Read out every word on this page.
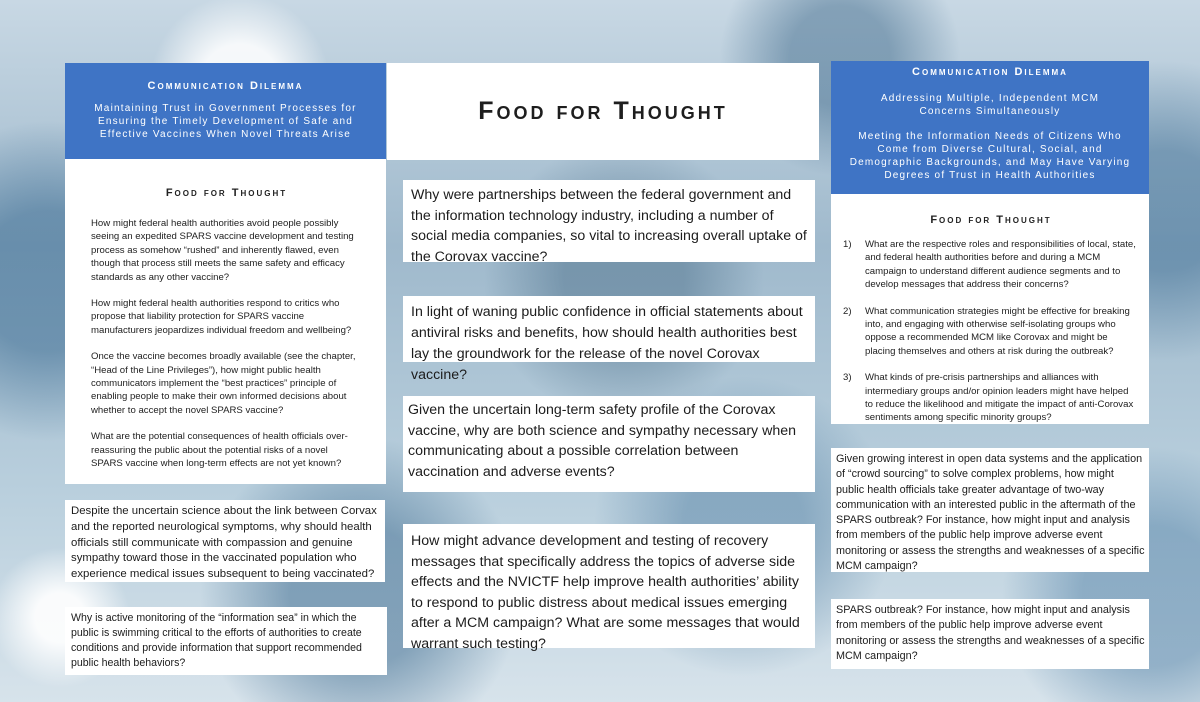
Communication Dilemma
Maintaining Trust in Government Processes for Ensuring the Timely Development of Safe and Effective Vaccines When Novel Threats Arise
Food for Thought

How might federal health authorities avoid people possibly seeing an expedited SPARS vaccine development and testing process as somehow “rushed” and inherently flawed, even though that process still meets the same safety and efficacy standards as any other vaccine?

How might federal health authorities respond to critics who propose that liability protection for SPARS vaccine manufacturers jeopardizes individual freedom and wellbeing?

Once the vaccine becomes broadly available (see the chapter, “Head of the Line Privileges”), how might public health communicators implement the “best practices” principle of enabling people to make their own informed decisions about whether to accept the novel SPARS vaccine?

What are the potential consequences of health officials over-reassuring the public about the potential risks of a novel SPARS vaccine when long-term effects are not yet known?

Despite the uncertain science about the link between Corvax and the reported neurological symptoms, why should health officials still communicate with compassion and genuine sympathy toward those in the vaccinated population who experience medical issues subsequent to being vaccinated?
Why is active monitoring of the “information sea” in which the public is swimming critical to the efforts of authorities to create conditions and provide information that support recommended public health behaviors?
Food for Thought
Why were partnerships between the federal government and the information technology industry, including a number of social media companies, so vital to increasing overall uptake of the Corovax vaccine?
In light of waning public confidence in official statements about antiviral risks and benefits, how should health authorities best lay the groundwork for the release of the novel Corovax vaccine?
Given the uncertain long-term safety profile of the Corovax vaccine, why are both science and sympathy necessary when communicating about a possible correlation between vaccination and adverse events?
How might advance development and testing of recovery messages that specifically address the topics of adverse side effects and the NVICTF help improve health authorities’ ability to respond to public distress about medical issues emerging after a MCM campaign? What are some messages that would warrant such testing?
Communication Dilemma
Addressing Multiple, Independent MCM Concerns Simultaneously
Meeting the Information Needs of Citizens Who Come from Diverse Cultural, Social, and Demographic Backgrounds, and May Have Varying Degrees of Trust in Health Authorities
Food for Thought
1)	What are the respective roles and responsibilities of local, state, and federal health authorities before and during a MCM campaign to understand different audience segments and to develop messages that address their concerns?
2)	What communication strategies might be effective for breaking into, and engaging with otherwise self-isolating groups who oppose a recommended MCM like Corovax and might be placing themselves and others at risk during the outbreak?
3)	What kinds of pre-crisis partnerships and alliances with intermediary groups and/or opinion leaders might have helped to reduce the likelihood and mitigate the impact of anti-Corovax sentiments among specific minority groups?
Given growing interest in open data systems and the application of “crowd sourcing” to solve complex problems, how might public health officials take greater advantage of two-way communication with an interested public in the aftermath of the SPARS outbreak? For instance, how might input and analysis from members of the public help improve adverse event monitoring or assess the strengths and weaknesses of a specific MCM campaign?
SPARS outbreak? For instance, how might input and analysis from members of the public help improve adverse event monitoring or assess the strengths and weaknesses of a specific MCM campaign?
